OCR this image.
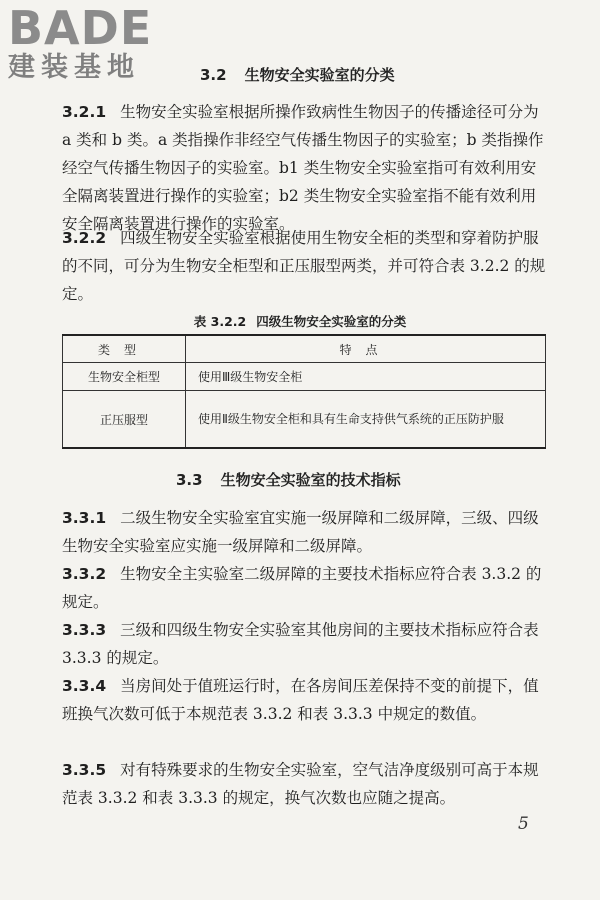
BADE
建装基地	3.2 生物安全实验室的分类
3.2.1 生物安全实验室根据所操作致病性生物因子的传播途径可分为 a 类和 b 类。a 类指操作非经空气传播生物因子的实验室；b 类指操作经空气传播生物因子的实验室。b1 类生物安全实验室指可有效利用安全隔离装置进行操作的实验室；b2 类生物安全实验室指不能有效利用安全隔离装置进行操作的实验室。
3.2.2 四级生物安全实验室根据使用生物安全柜的类型和穿着防护服的不同，可分为生物安全柜型和正压服型两类，并可符合表 3.2.2 的规定。
表 3.2.2 四级生物安全实验室的分类
类型	特点
生物安全柜型	使用Ⅲ级生物安全柜
正压服型	使用Ⅱ级生物安全柜和具有生命支持供气系统的正压防护服
3.3 生物安全实验室的技术指标
3.3.1 二级生物安全实验室宜实施一级屏障和二级屏障，三级、四级生物安全实验室应实施一级屏障和二级屏障。
3.3.2 生物安全主实验室二级屏障的主要技术指标应符合表 3.3.2 的规定。
3.3.3 三级和四级生物安全实验室其他房间的主要技术指标应符合表 3.3.3 的规定。
3.3.4 当房间处于值班运行时，在各房间压差保持不变的前提下，值班换气次数可低于本规范表 3.3.2 和表 3.3.3 中规定的数值。
3.3.5 对有特殊要求的生物安全实验室，空气洁净度级别可高于本规范表 3.3.2 和表 3.3.3 的规定，换气次数也应随之提高。
5
